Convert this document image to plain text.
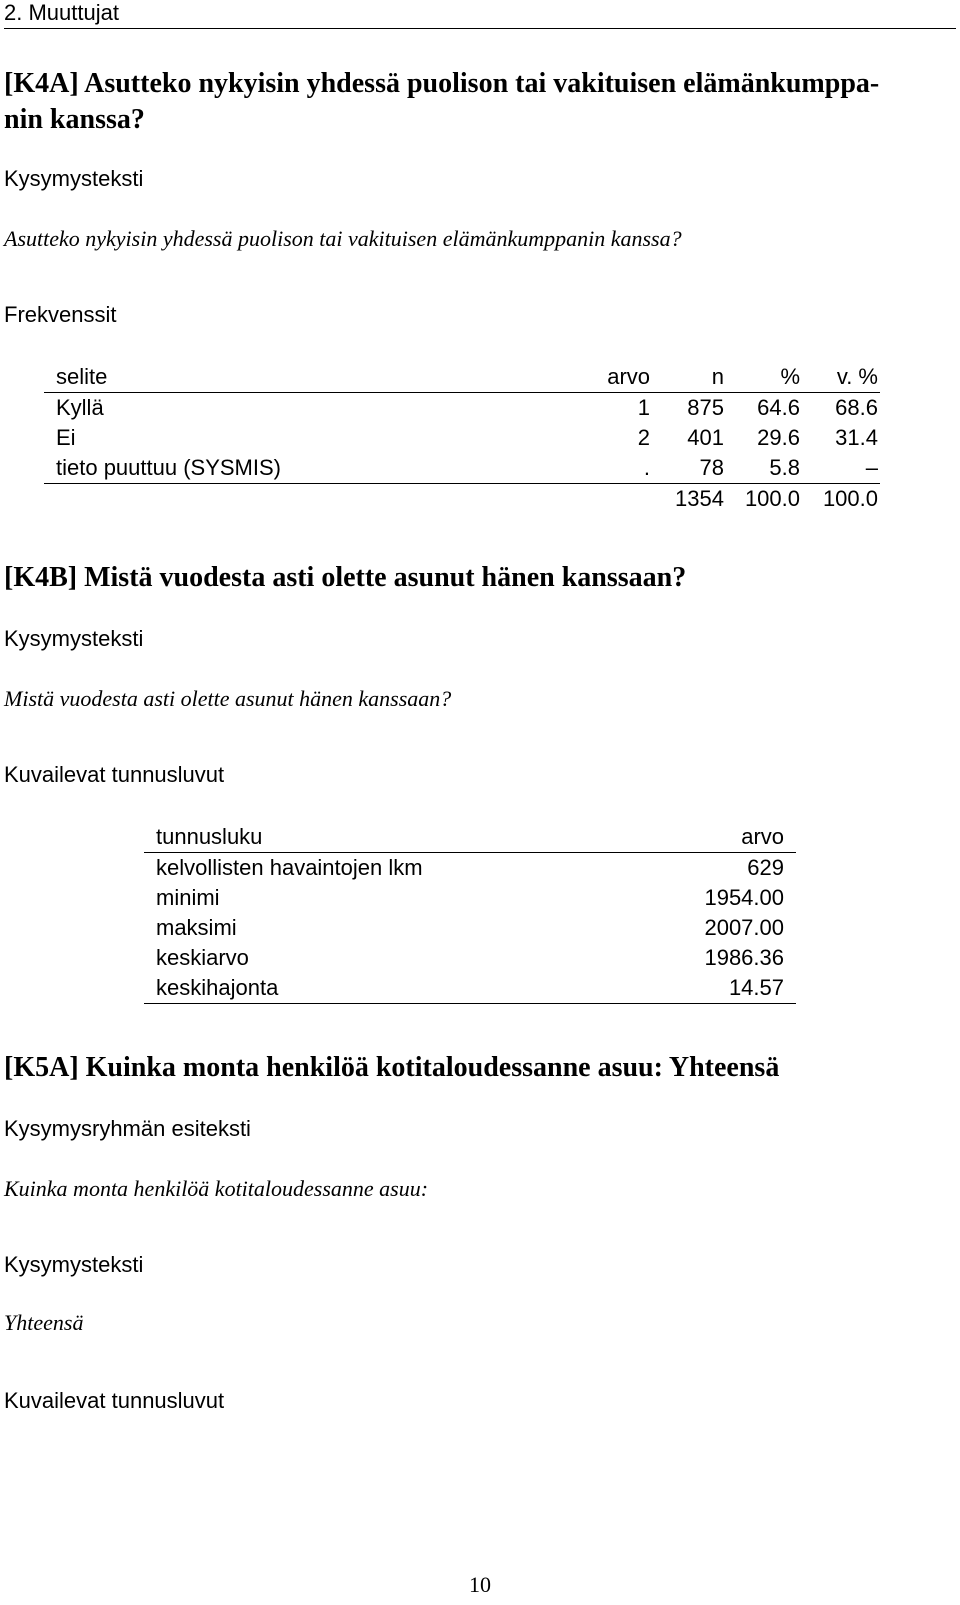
2. Muuttujat
[K4A] Asutteko nykyisin yhdessä puolison tai vakituisen elämänkumppa-
nin kanssa?
Kysymysteksti
Asutteko nykyisin yhdessä puolison tai vakituisen elämänkumppanin kanssa?
Frekvenssit
selite	arvo	n	%	v. %
Kyllä	1	875	64.6	68.6
Ei	2	401	29.6	31.4
tieto puuttuu (SYSMIS)	.	78	5.8	–
		1354	100.0	100.0
[K4B] Mistä vuodesta asti olette asunut hänen kanssaan?
Kysymysteksti
Mistä vuodesta asti olette asunut hänen kanssaan?
Kuvailevat tunnusluvut
tunnusluku	arvo
kelvollisten havaintojen lkm	629
minimi	1954.00
maksimi	2007.00
keskiarvo	1986.36
keskihajonta	14.57
[K5A] Kuinka monta henkilöä kotitaloudessanne asuu: Yhteensä
Kysymysryhmän esiteksti
Kuinka monta henkilöä kotitaloudessanne asuu:
Kysymysteksti
Yhteensä
Kuvailevat tunnusluvut
10
